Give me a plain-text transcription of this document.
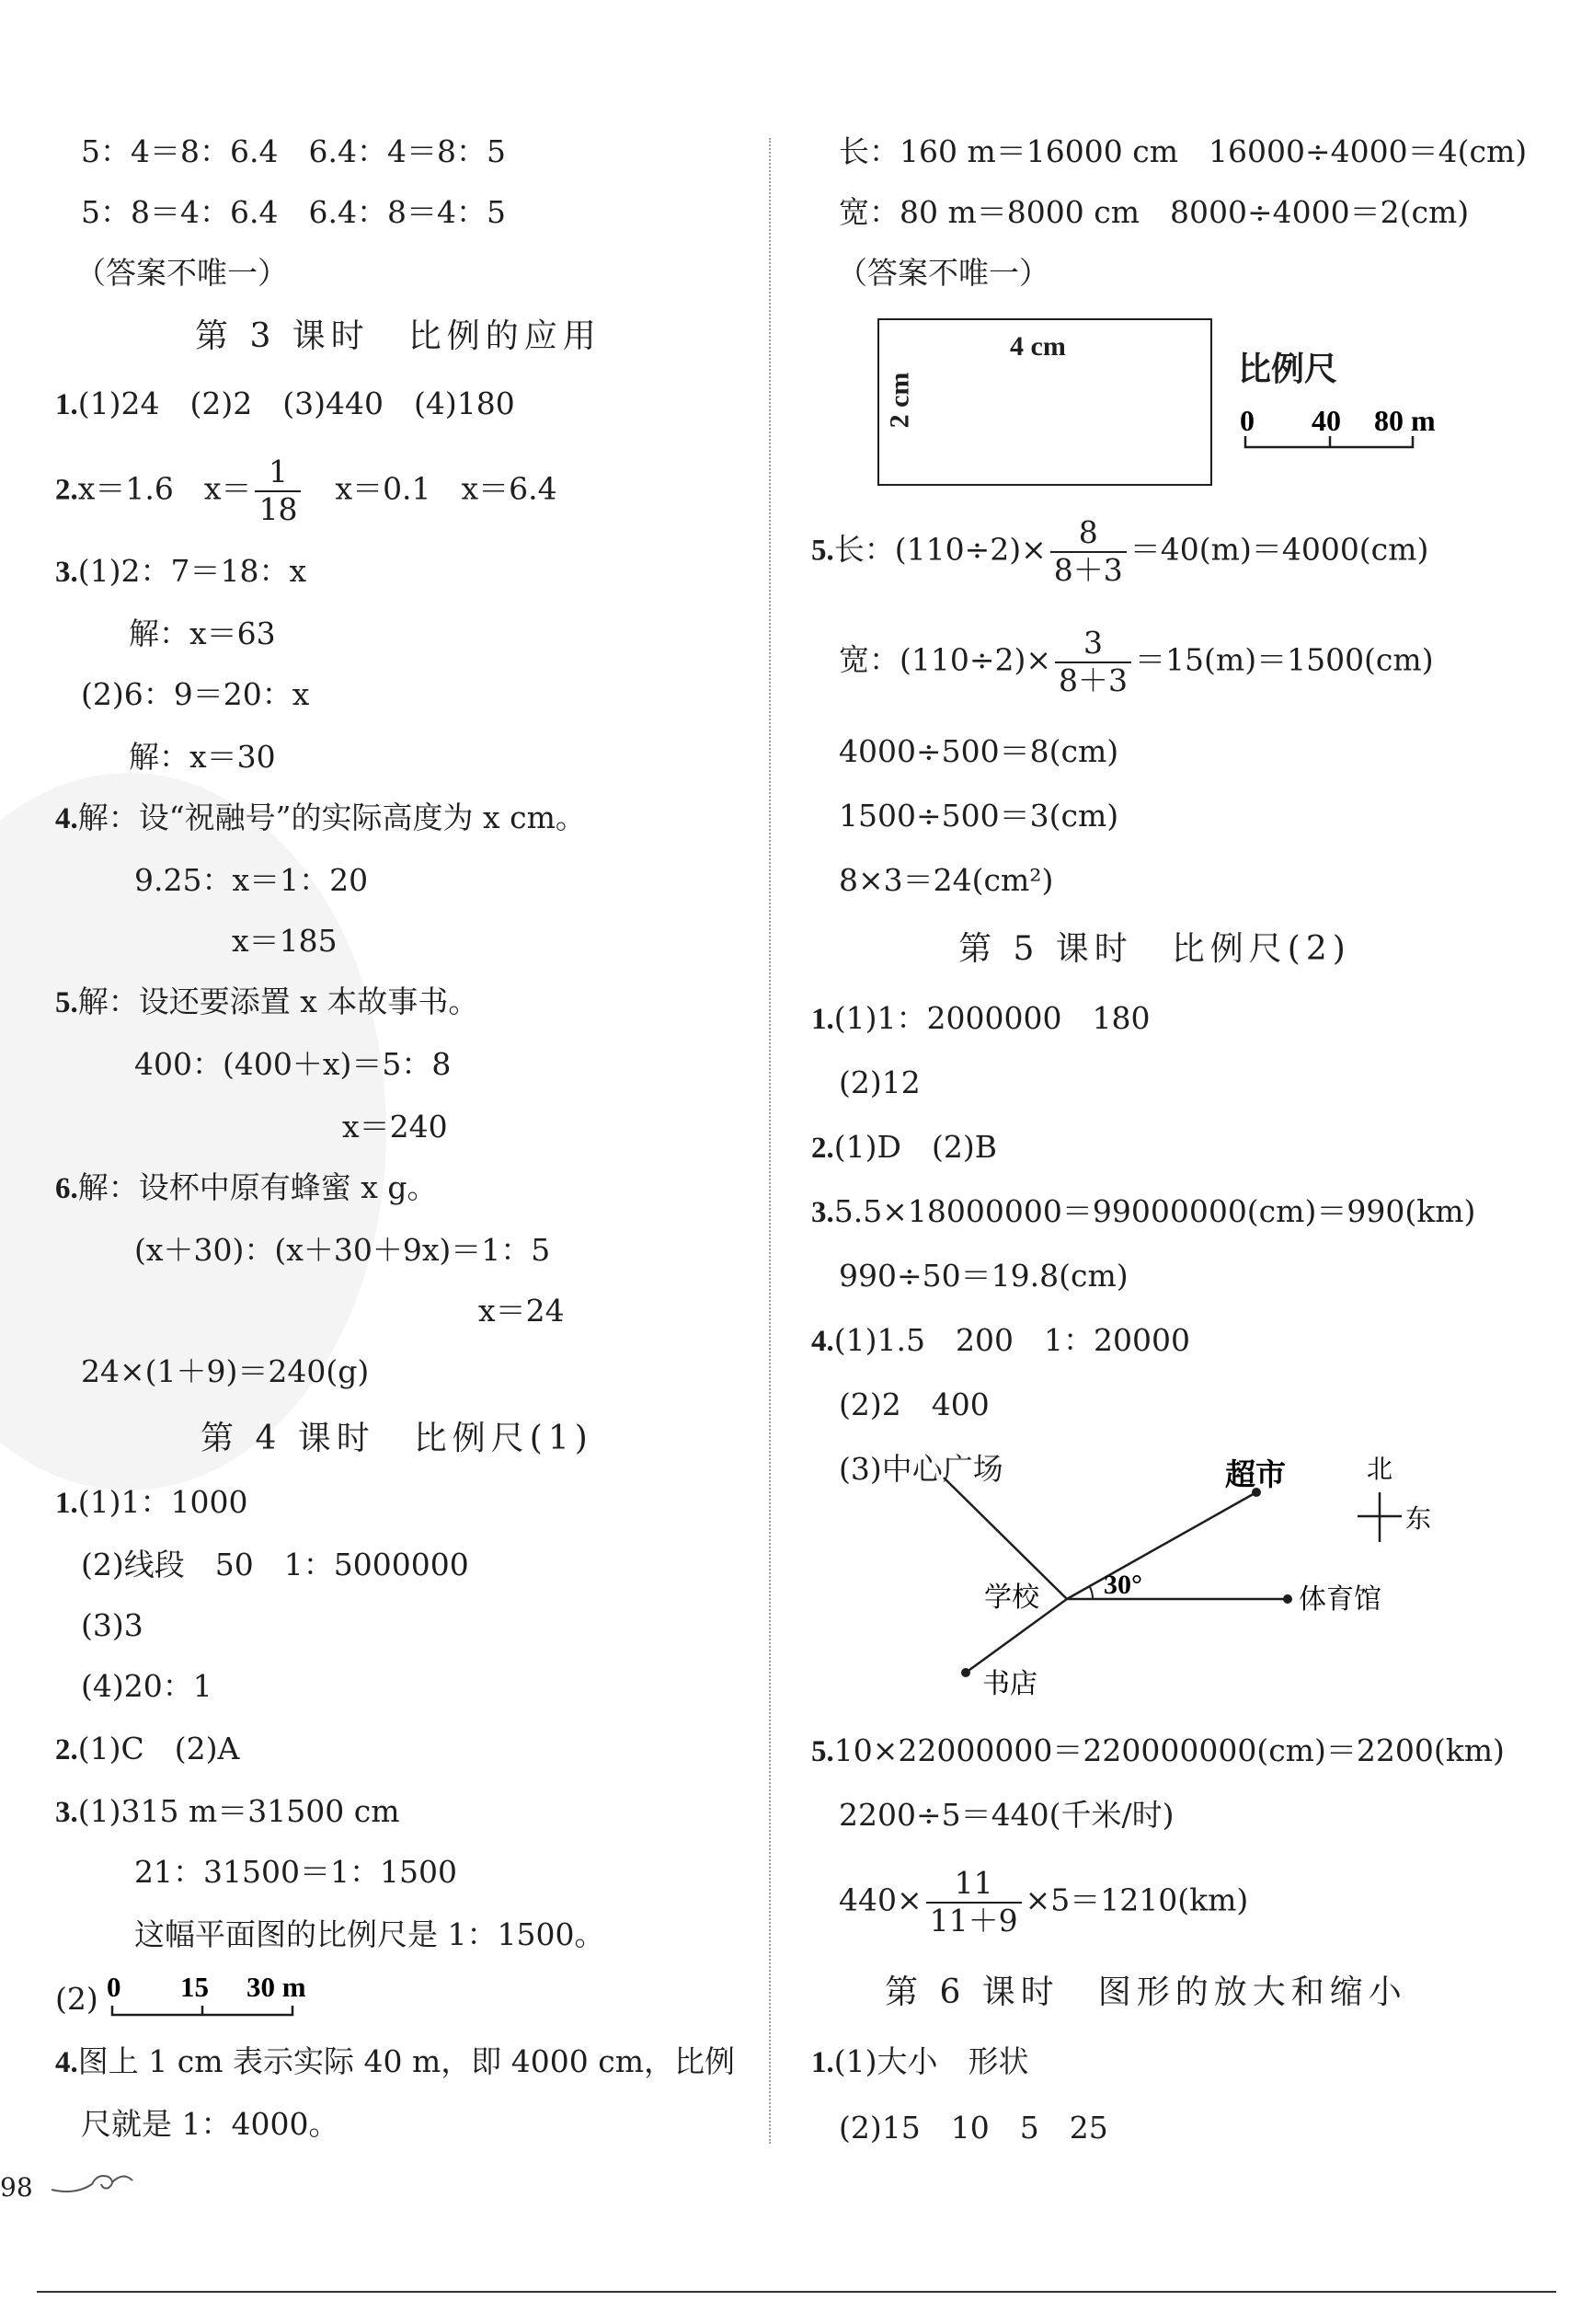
5：4＝8：6.4　6.4：4＝8：5
5：8＝4：6.4　6.4：8＝4：5
（答案不唯一）
第 3 课时　比例的应用
1.(1)24　(2)2　(3)440　(4)180
2.x＝1.6　$x= \frac{1}{18}$ 　x＝0.1　x＝6.4
3.(1)2：7＝18：x
解：x＝63
(2)6：9＝20：x
解：x＝30
4.解：设“祝融号”的实际高度为 x cm。
9.25：x＝1：20
x＝185
5.解：设还要添置 x 本故事书。
400：(400＋x)＝5：8
x＝240
6.解：设杯中原有蜂蜜 x g。
(x＋30)：(x＋30＋9x)＝1：5
x＝24
24×(1＋9)＝240(g)
第 4 课时　比例尺(1)
1.(1)1：1000
(2)线段　50　1：5000000
(3)3
(4)20：1
2.(1)C　(2)A
3.(1)315 m＝31500 cm
21：31500＝1：1500
这幅平面图的比例尺是 1：1500。
(2) 0 15 30 m
4.图上 1 cm 表示实际 40 m，即 4000 cm，比例
尺就是 1：4000。
98
长：160 m＝16000 cm　16000÷4000＝4(cm)
宽：80 m＝8000 cm　8000÷4000＝2(cm)
（答案不唯一）
4 cm
2 cm
比例尺
0 40 80 m
5.长：$(110\div 2)\times \frac{8}{8+3} =40(m)=4000(cm)$
宽：$(110\div 2)\times \frac{3}{8+3} =15(m)=1500(cm)$
4000÷500＝8(cm)
1500÷500＝3(cm)
8×3＝24(cm²)
第 5 课时　比例尺(2)
1.(1)1：2000000　180
(2)12
2.(1)D　(2)B
3.5.5×18000000＝99000000(cm)＝990(km)
990÷50＝19.8(cm)
4.(1)1.5　200　1：20000
(2)2　400
(3)中心广场	超市	北
东
学校 30°	体育馆
书店
5.10×22000000＝220000000(cm)＝2200(km)
2200÷5＝440(千米/时)
$440\times \frac{11}{11+9} \times 5=1210(km)$
第 6 课时　图形的放大和缩小
1.(1)大小　形状
(2)15　10　5　25
